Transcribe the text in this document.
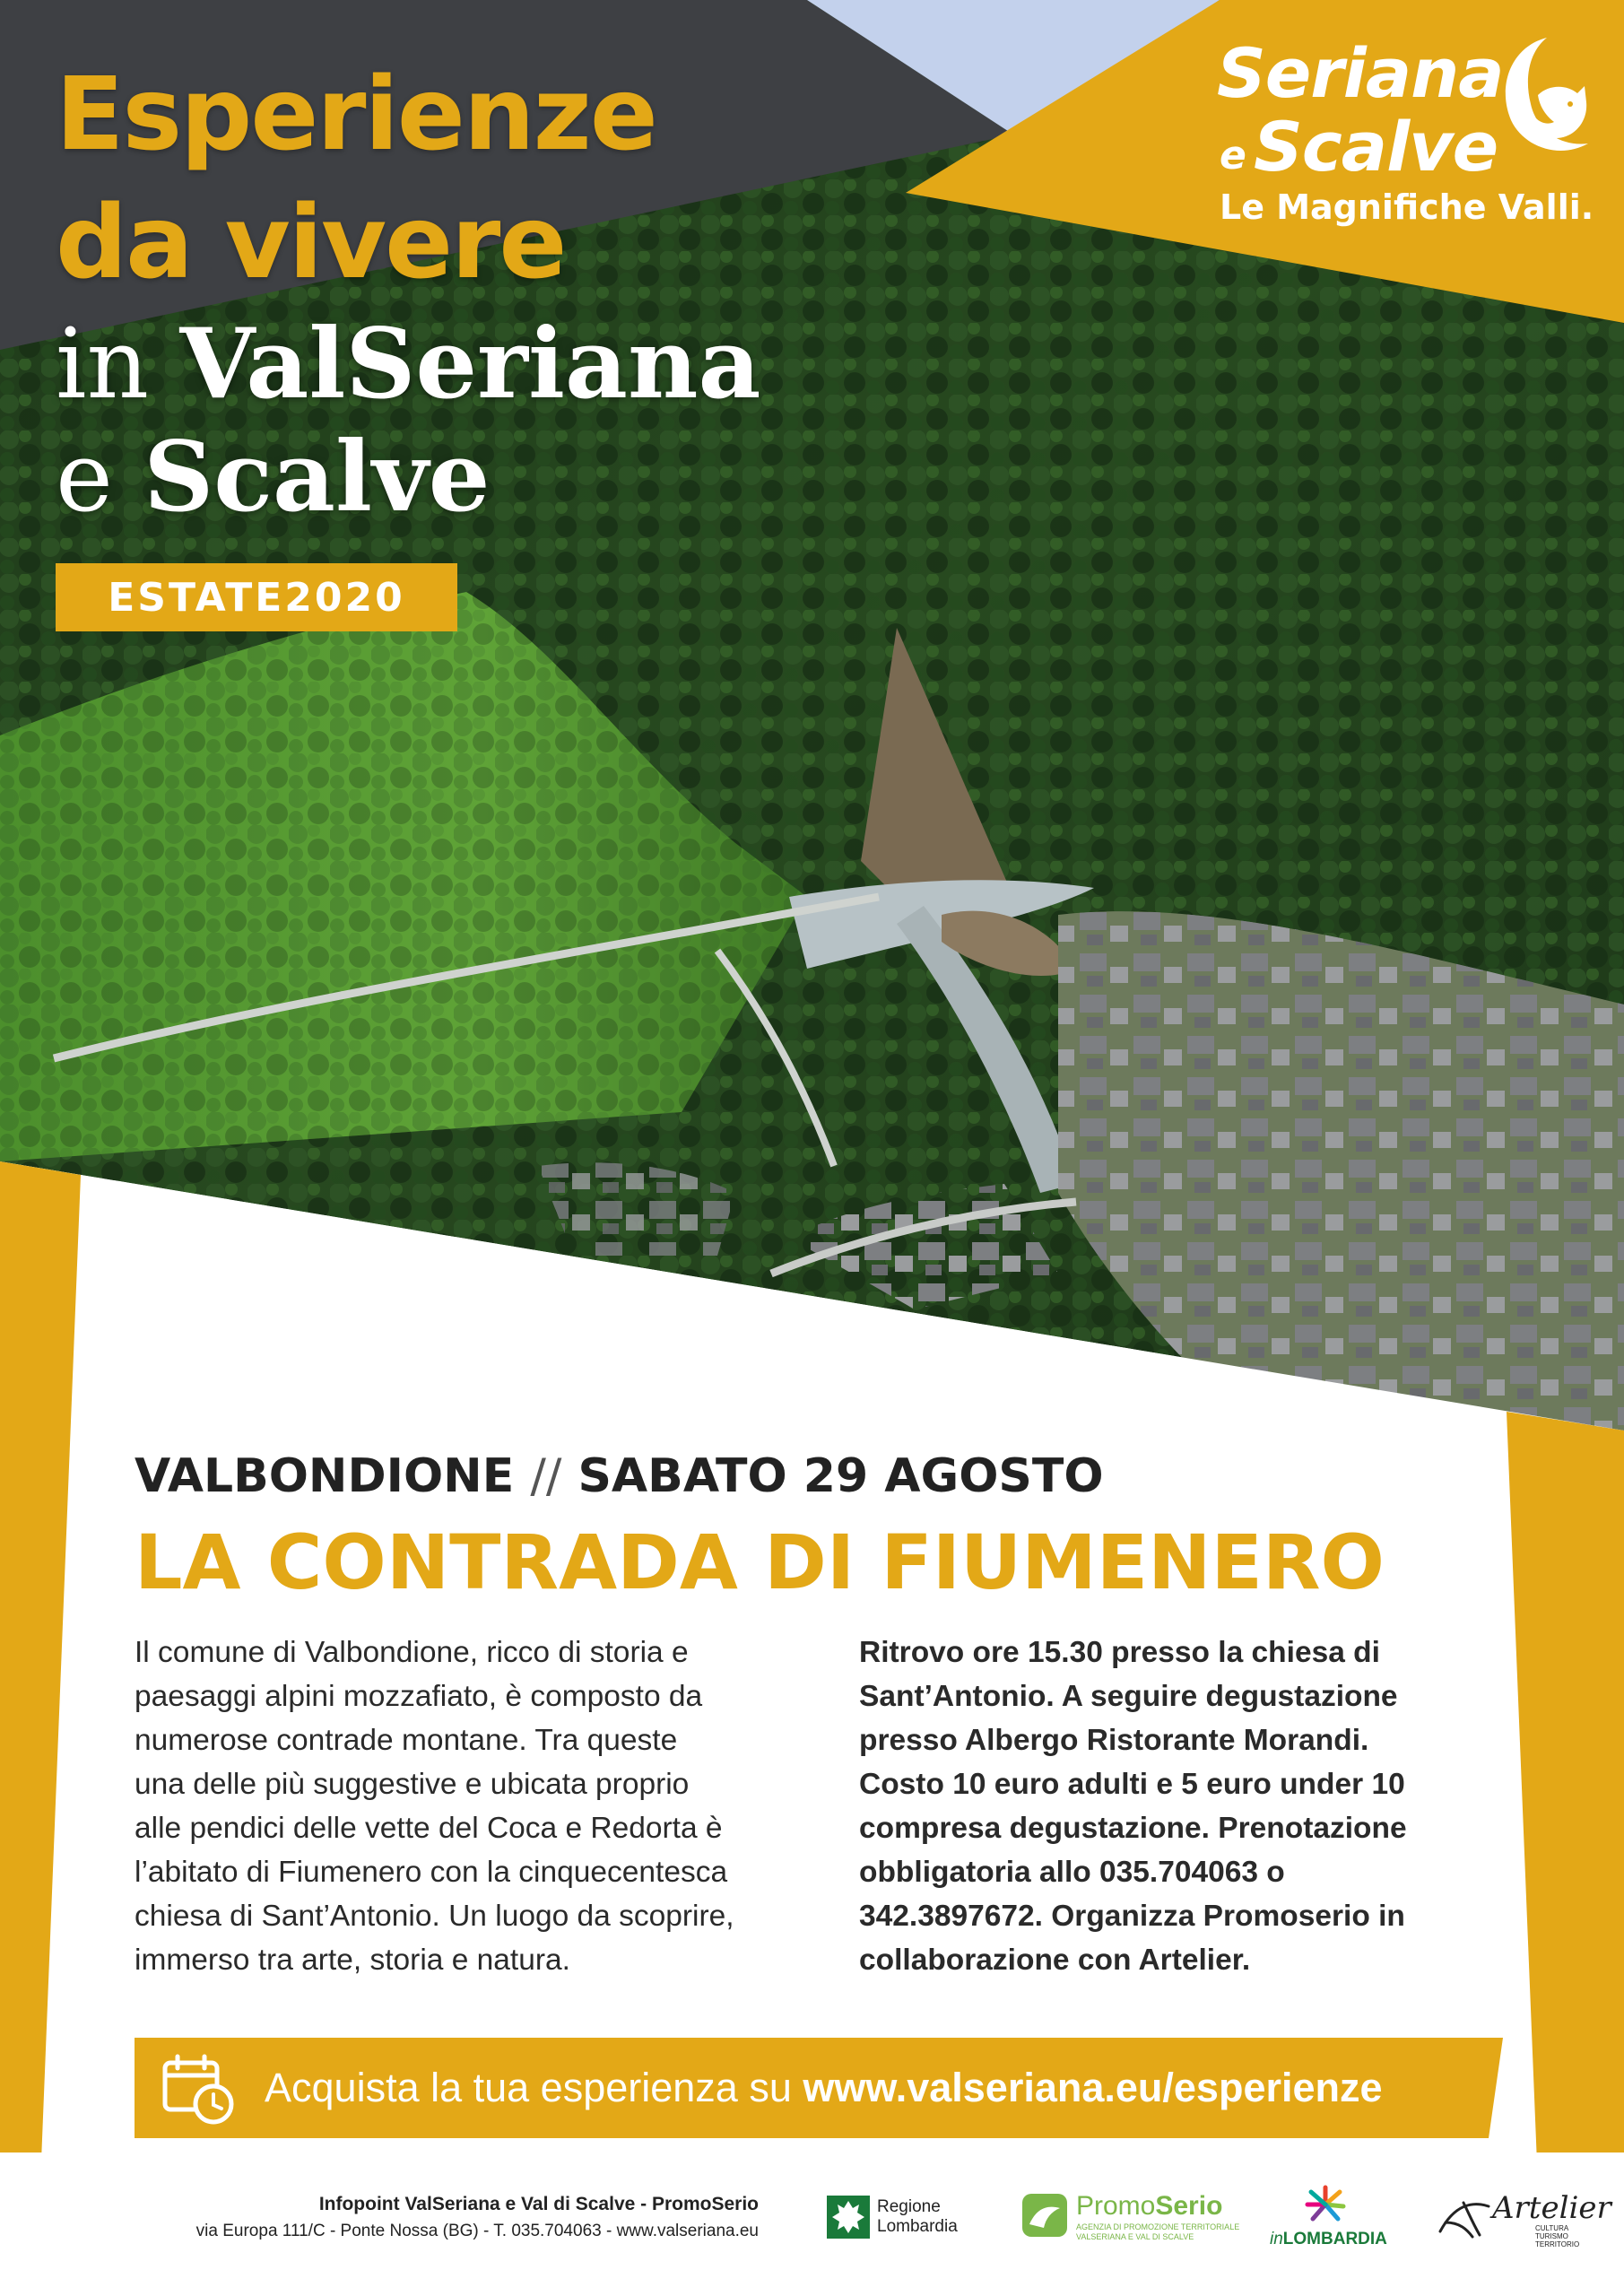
Esperienze
da vivere
in ValSeriana
e Scalve
ESTATE 2020
Seriana
e Scalve
Le Magnifiche Valli.
VALBONDIONE // SABATO 29 AGOSTO
LA CONTRADA DI FIUMENERO
Il comune di Valbondione, ricco di storia e
paesaggi alpini mozzafiato, è composto da
numerose contrade montane. Tra queste
una delle più suggestive e ubicata proprio
alle pendici delle vette del Coca e Redorta è
l’abitato di Fiumenero con la cinquecentesca
chiesa di Sant’Antonio. Un luogo da scoprire,
immerso tra arte, storia e natura.
Ritrovo ore 15.30 presso la chiesa di
Sant’Antonio. A seguire degustazione
presso Albergo Ristorante Morandi.
Costo 10 euro adulti e 5 euro under 10
compresa degustazione. Prenotazione
obbligatoria allo 035.704063 o
342.3897672. Organizza Promoserio in
collaborazione con Artelier.
Acquista la tua esperienza su www.valseriana.eu/esperienze
Infopoint ValSeriana e Val di Scalve - PromoSerio
via Europa 111/C - Ponte Nossa (BG) - T. 035.704063 - www.valseriana.eu
Regione
Lombardia
PromoSerio
AGENZIA DI PROMOZIONE TERRITORIALE
VALSERIANA E VAL DI SCALVE	inLOMBARDIA
Artelier
CULTURA
TURISMO
TERRITORIO
